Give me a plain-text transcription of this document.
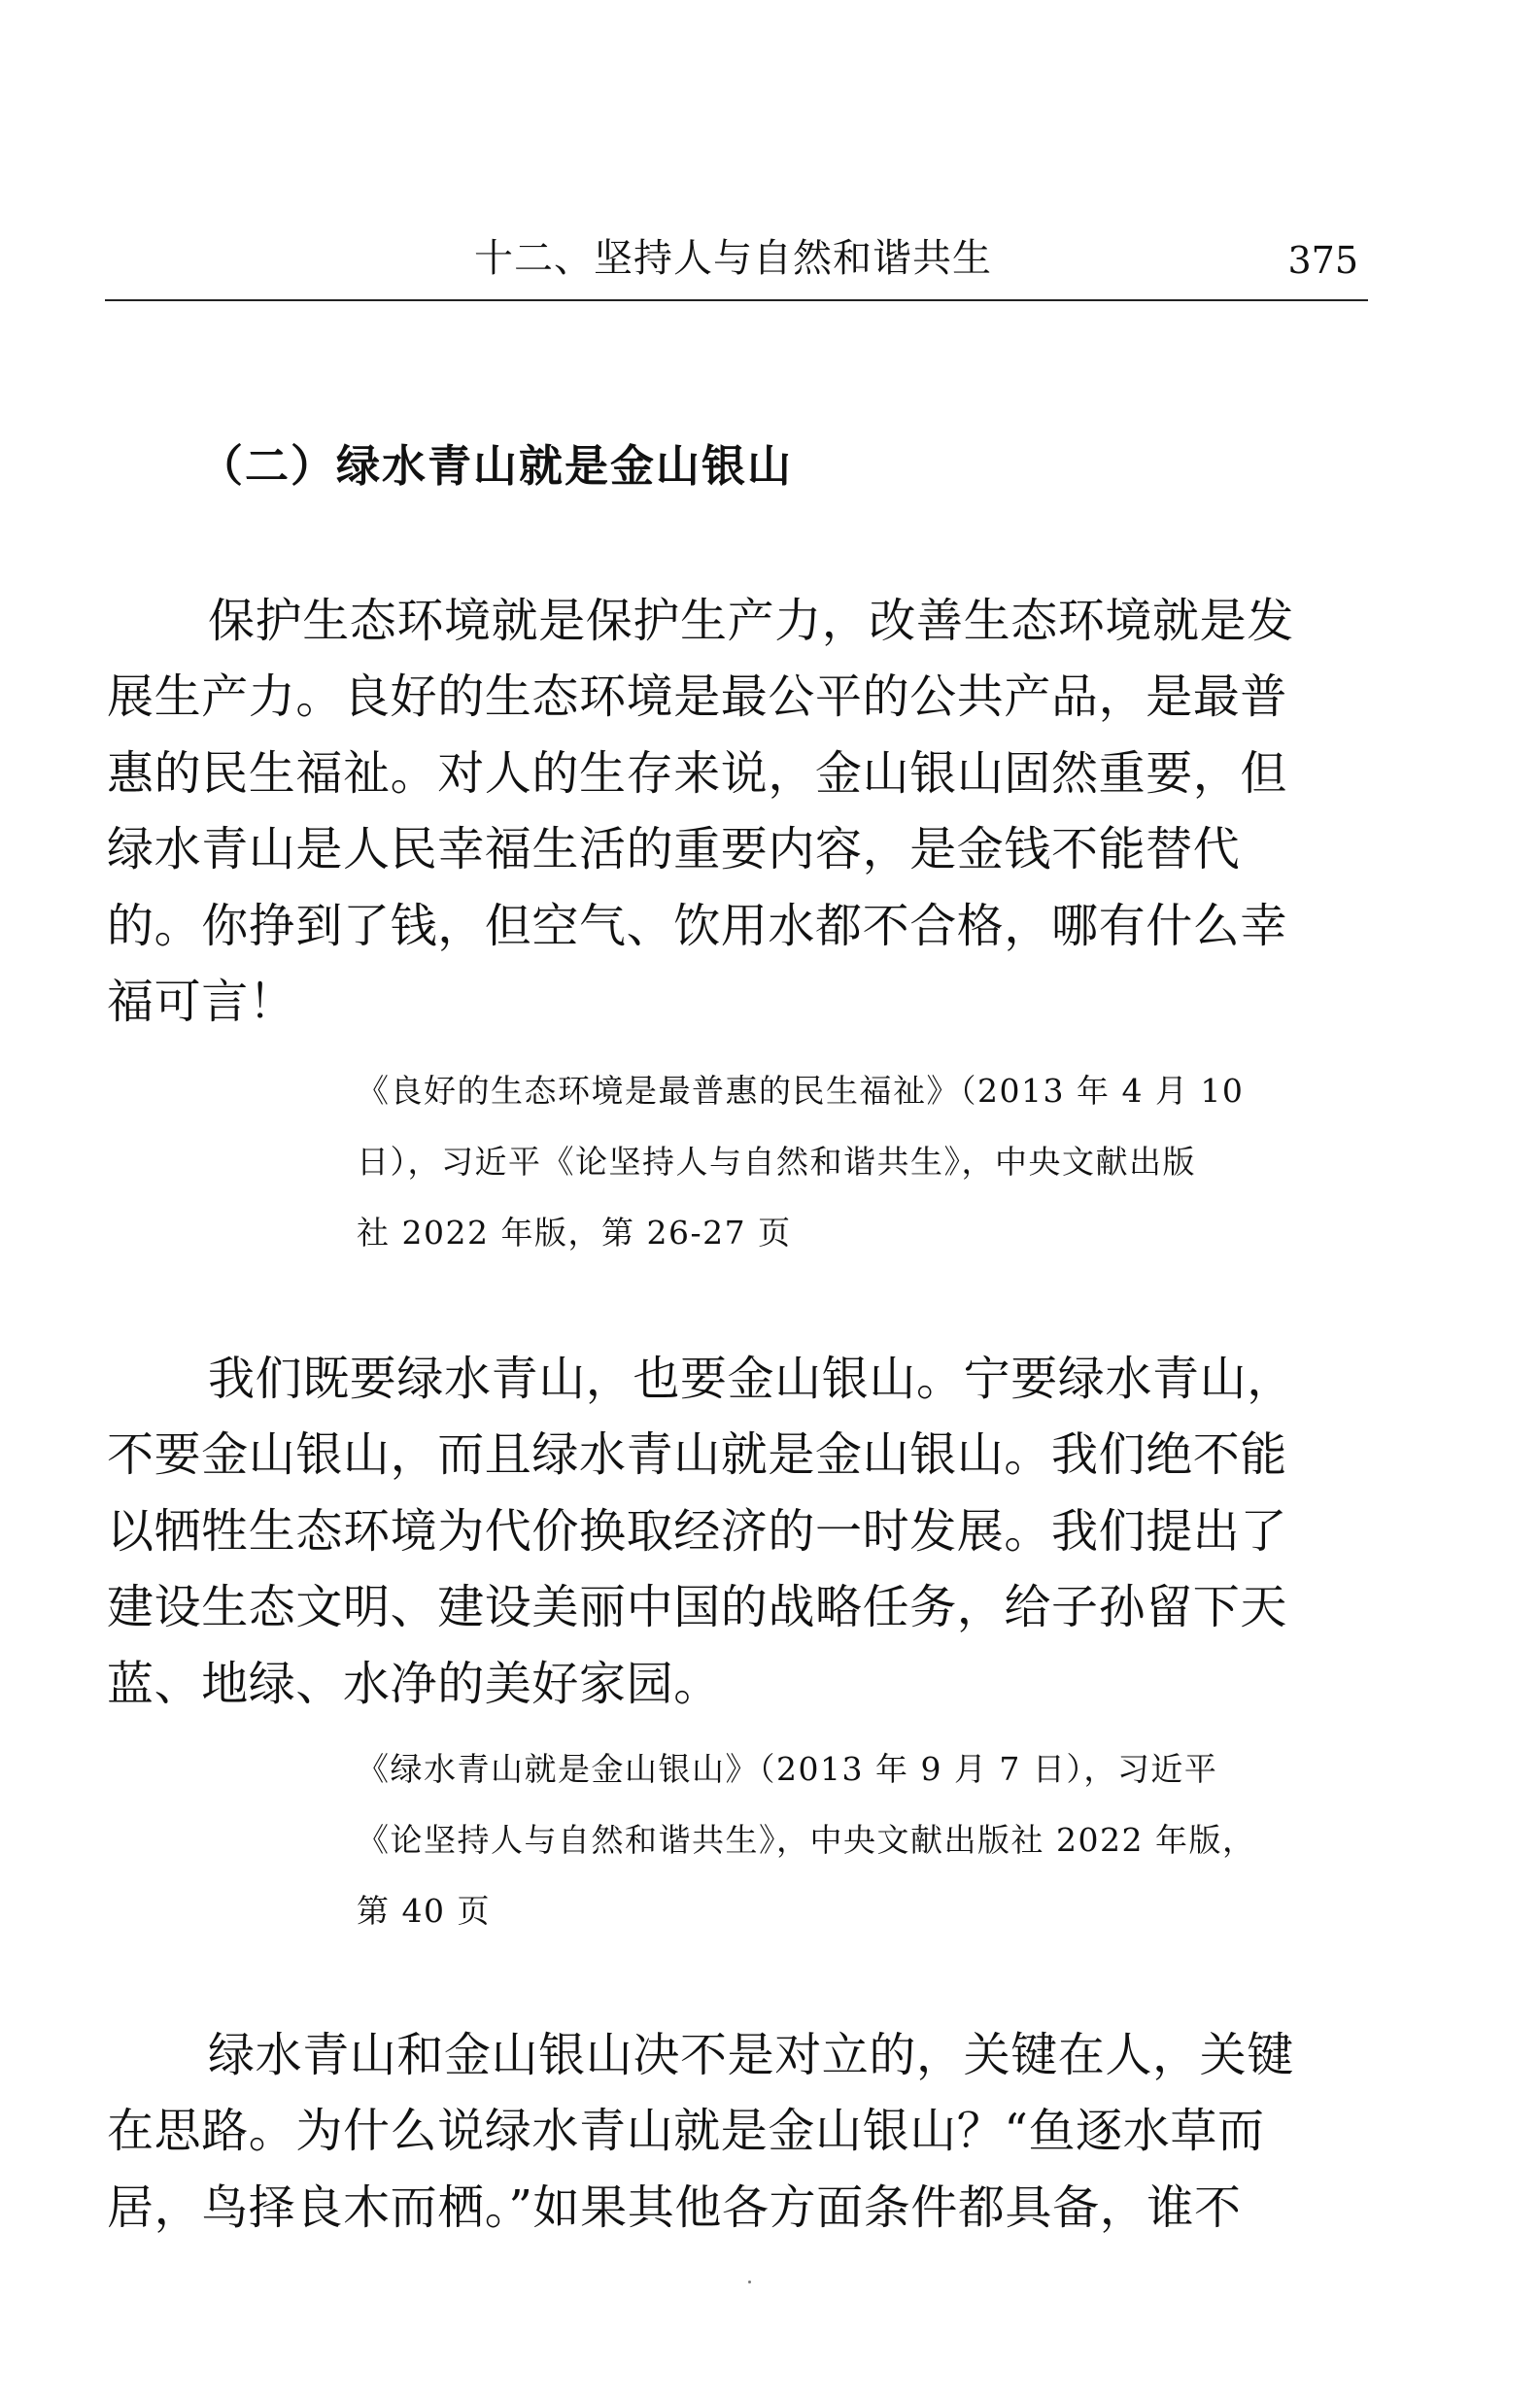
十二、坚持人与自然和谐共生	375
（二）绿水青山就是金山银山
保护生态环境就是保护生产力，改善生态环境就是发
展生产力。良好的生态环境是最公平的公共产品，是最普
惠的民生福祉。对人的生存来说，金山银山固然重要，但
绿水青山是人民幸福生活的重要内容，是金钱不能替代
的。你挣到了钱，但空气、饮用水都不合格，哪有什么幸
福可言！
《良好的生态环境是最普惠的民生福祉》（2013 年 4 月 10
日），习近平《论坚持人与自然和谐共生》，中央文献出版
社 2022 年版，第 26-27 页
我们既要绿水青山，也要金山银山。宁要绿水青山，
不要金山银山，而且绿水青山就是金山银山。我们绝不能
以牺牲生态环境为代价换取经济的一时发展。我们提出了
建设生态文明、建设美丽中国的战略任务，给子孙留下天
蓝、地绿、水净的美好家园。
《绿水青山就是金山银山》（2013 年 9 月 7 日），习近平
《论坚持人与自然和谐共生》，中央文献出版社 2022 年版，
第 40 页
绿水青山和金山银山决不是对立的，关键在人，关键
在思路。为什么说绿水青山就是金山银山？“鱼逐水草而
居，鸟择良木而栖。”如果其他各方面条件都具备，谁不
